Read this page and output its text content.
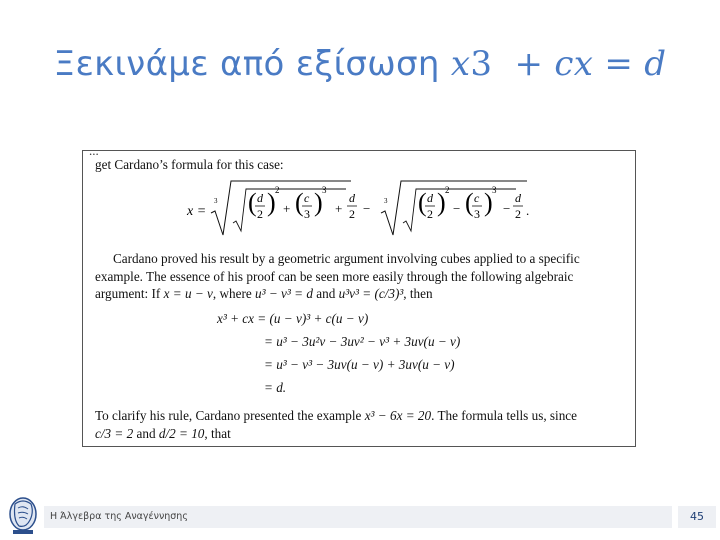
Ξεκινάμε από εξίσωση x3 + cx = d
...
get Cardano’s formula for this case:
x =
3 ( d
2 ) 2
+ ( c
3 ) 3
+
d
2 − 3 ( d
2 ) 2
− ( c
3 ) 3
−
d
2 .
Cardano proved his result by a geometric argument involving cubes applied to a specific
example. The essence of his proof can be seen more easily through the following algebraic
argument: If x = u − v, where u³ − v³ = d and u³v³ = (c/3)³, then
x³ + cx = (u − v)³ + c(u − v)
= u³ − 3u²v − 3uv² − v³ + 3uv(u − v)
= u³ − v³ − 3uv(u − v) + 3uv(u − v)
= d.
To clarify his rule, Cardano presented the example x³ − 6x = 20. The formula tells us, since
c/3 = 2 and d/2 = 10, that
Η Άλγεβρα της Αναγέννησης	45
